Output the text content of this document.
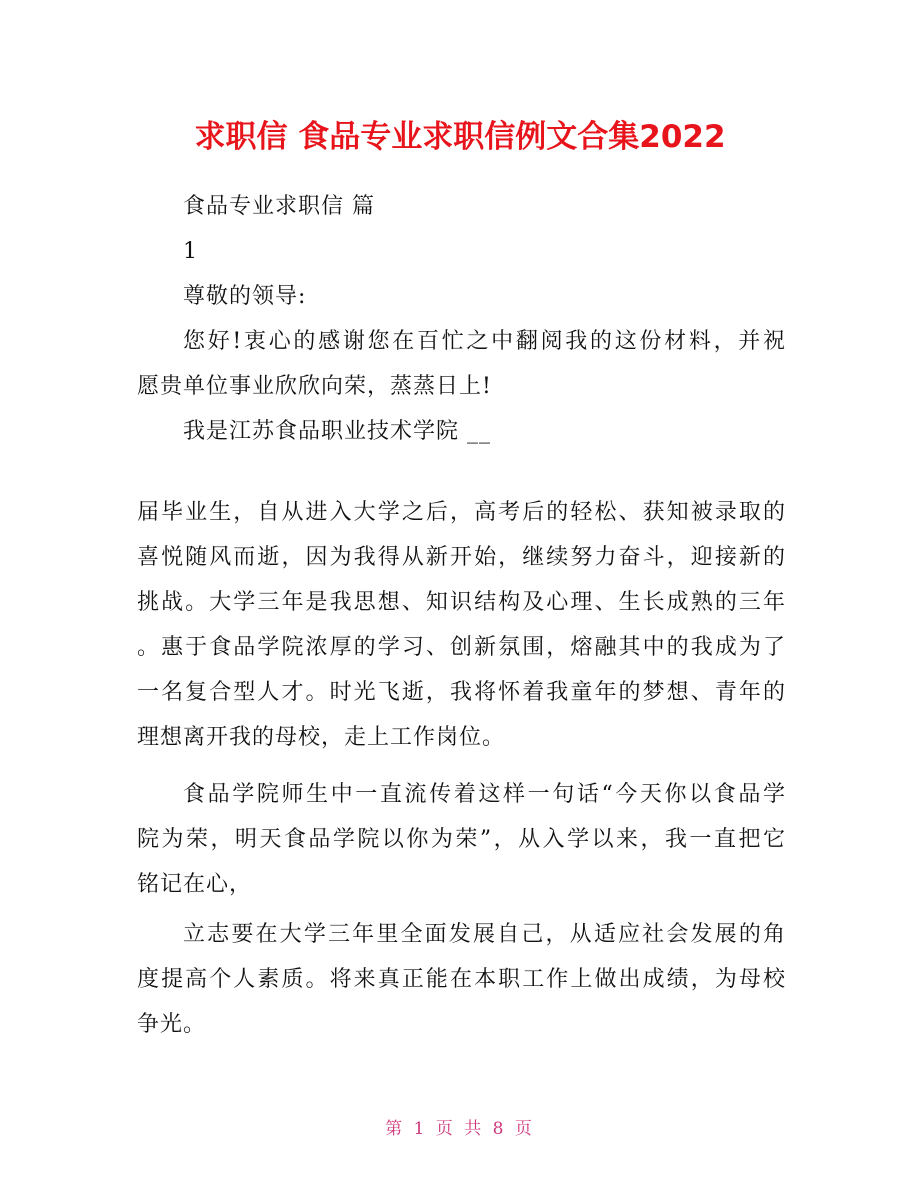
求职信 食品专业求职信例文合集2022
食品专业求职信 篇
1
尊敬的领导:
您好!衷心的感谢您在百忙之中翻阅我的这份材料，并祝
愿贵单位事业欣欣向荣，蒸蒸日上!
我是江苏食品职业技术学院 __
届毕业生，自从进入大学之后，高考后的轻松、获知被录取的
喜悦随风而逝，因为我得从新开始，继续努力奋斗，迎接新的
挑战。大学三年是我思想、知识结构及心理、生长成熟的三年
。惠于食品学院浓厚的学习、创新氛围，熔融其中的我成为了
一名复合型人才。时光飞逝，我将怀着我童年的梦想、青年的
理想离开我的母校，走上工作岗位。
食品学院师生中一直流传着这样一句话“今天你以食品学
院为荣，明天食品学院以你为荣”，从入学以来，我一直把它
铭记在心，
立志要在大学三年里全面发展自己，从适应社会发展的角
度提高个人素质。将来真正能在本职工作上做出成绩，为母校
争光。
第 1 页 共 8 页
